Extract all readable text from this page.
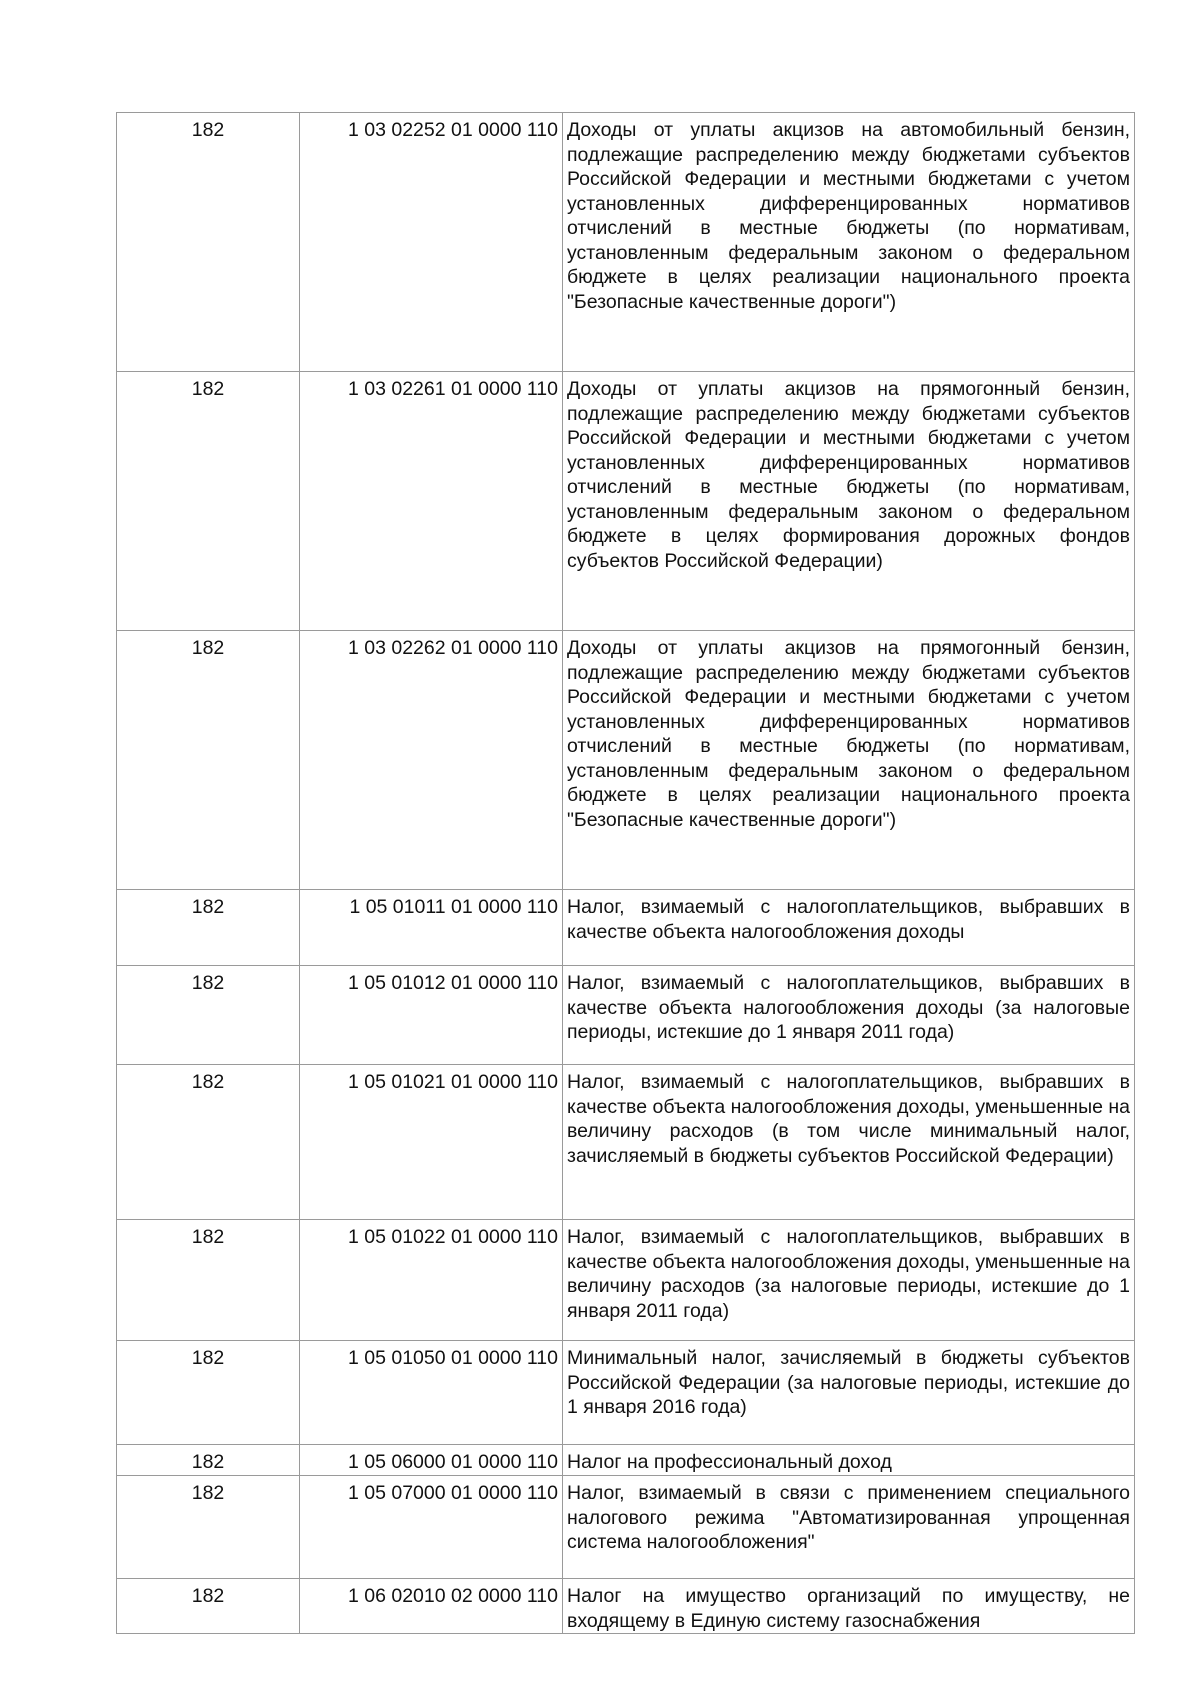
182	1 03 02252 01 0000 110	Доходы от уплаты акцизов на автомобильный бензин, подлежащие распределению между бюджетами субъектов Российской Федерации и местными бюджетами с учетом установленных дифференцированных нормативов отчислений в местные бюджеты (по нормативам, установленным федеральным законом о федеральном бюджете в целях реализации национального проекта "Безопасные качественные дороги")
182	1 03 02261 01 0000 110	Доходы от уплаты акцизов на прямогонный бензин, подлежащие распределению между бюджетами субъектов Российской Федерации и местными бюджетами с учетом установленных дифференцированных нормативов отчислений в местные бюджеты (по нормативам, установленным федеральным законом о федеральном бюджете в целях формирования дорожных фондов субъектов Российской Федерации)
182	1 03 02262 01 0000 110	Доходы от уплаты акцизов на прямогонный бензин, подлежащие распределению между бюджетами субъектов Российской Федерации и местными бюджетами с учетом установленных дифференцированных нормативов отчислений в местные бюджеты (по нормативам, установленным федеральным законом о федеральном бюджете в целях реализации национального проекта "Безопасные качественные дороги")
182	1 05 01011 01 0000 110	Налог, взимаемый с налогоплательщиков, выбравших в качестве объекта налогообложения доходы
182	1 05 01012 01 0000 110	Налог, взимаемый с налогоплательщиков, выбравших в качестве объекта налогообложения доходы (за налоговые периоды, истекшие до 1 января 2011 года)
182	1 05 01021 01 0000 110	Налог, взимаемый с налогоплательщиков, выбравших в качестве объекта налогообложения доходы, уменьшенные на величину расходов (в том числе минимальный налог, зачисляемый в бюджеты субъектов Российской Федерации)
182	1 05 01022 01 0000 110	Налог, взимаемый с налогоплательщиков, выбравших в качестве объекта налогообложения доходы, уменьшенные на величину расходов (за налоговые периоды, истекшие до 1 января 2011 года)
182	1 05 01050 01 0000 110	Минимальный налог, зачисляемый в бюджеты субъектов Российской Федерации (за налоговые периоды, истекшие до 1 января 2016 года)
182	1 05 06000 01 0000 110	Налог на профессиональный доход
182	1 05 07000 01 0000 110	Налог, взимаемый в связи с применением специального налогового режима "Автоматизированная упрощенная система налогообложения"
182	1 06 02010 02 0000 110	Налог на имущество организаций по имуществу, не входящему в Единую систему газоснабжения
